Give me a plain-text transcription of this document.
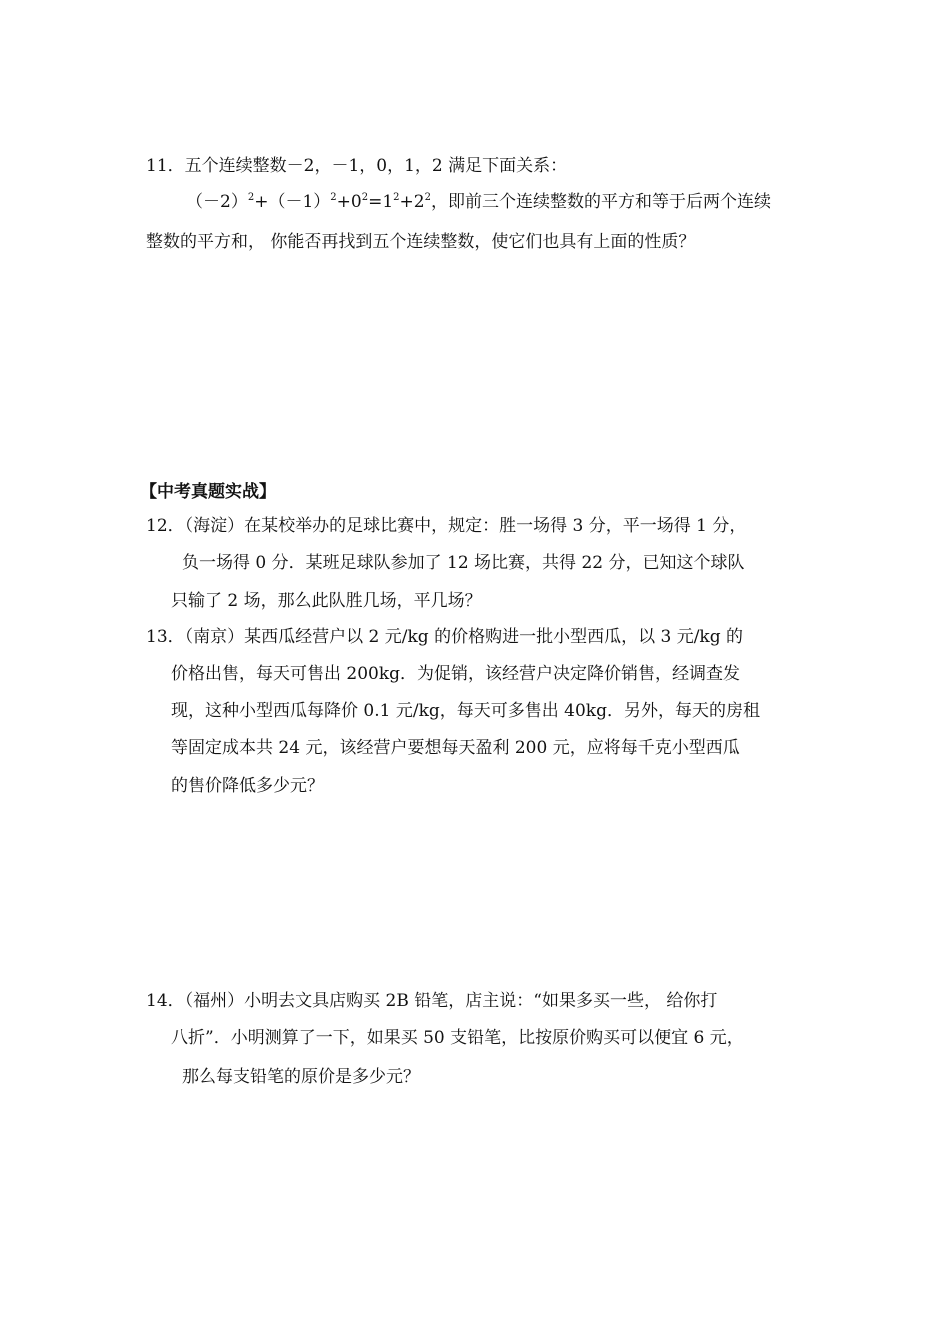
11．五个连续整数－2，－1，0，1，2 满足下面关系：
$(-2)^2+(-1)^2+0^2=1^2+2^2$，即前三个连续整数的平方和等于后两个连续
整数的平方和， 你能否再找到五个连续整数，使它们也具有上面的性质？
【中考真题实战】
12．（海淀）在某校举办的足球比赛中，规定：胜一场得 3 分，平一场得 1 分，
负一场得 0 分．某班足球队参加了 12 场比赛，共得 22 分，已知这个球队
只输了 2 场，那么此队胜几场，平几场？
13．（南京）某西瓜经营户以 2 元/kg 的价格购进一批小型西瓜，以 3 元/kg 的
价格出售，每天可售出 200kg．为促销，该经营户决定降价销售，经调查发
现，这种小型西瓜每降价 0.1 元/kg，每天可多售出 40kg．另外，每天的房租
等固定成本共 24 元，该经营户要想每天盈利 200 元，应将每千克小型西瓜
的售价降低多少元？
14．（福州）小明去文具店购买 2B 铅笔，店主说：“如果多买一些， 给你打
八折”．小明测算了一下，如果买 50 支铅笔，比按原价购买可以便宜 6 元，
那么每支铅笔的原价是多少元？
